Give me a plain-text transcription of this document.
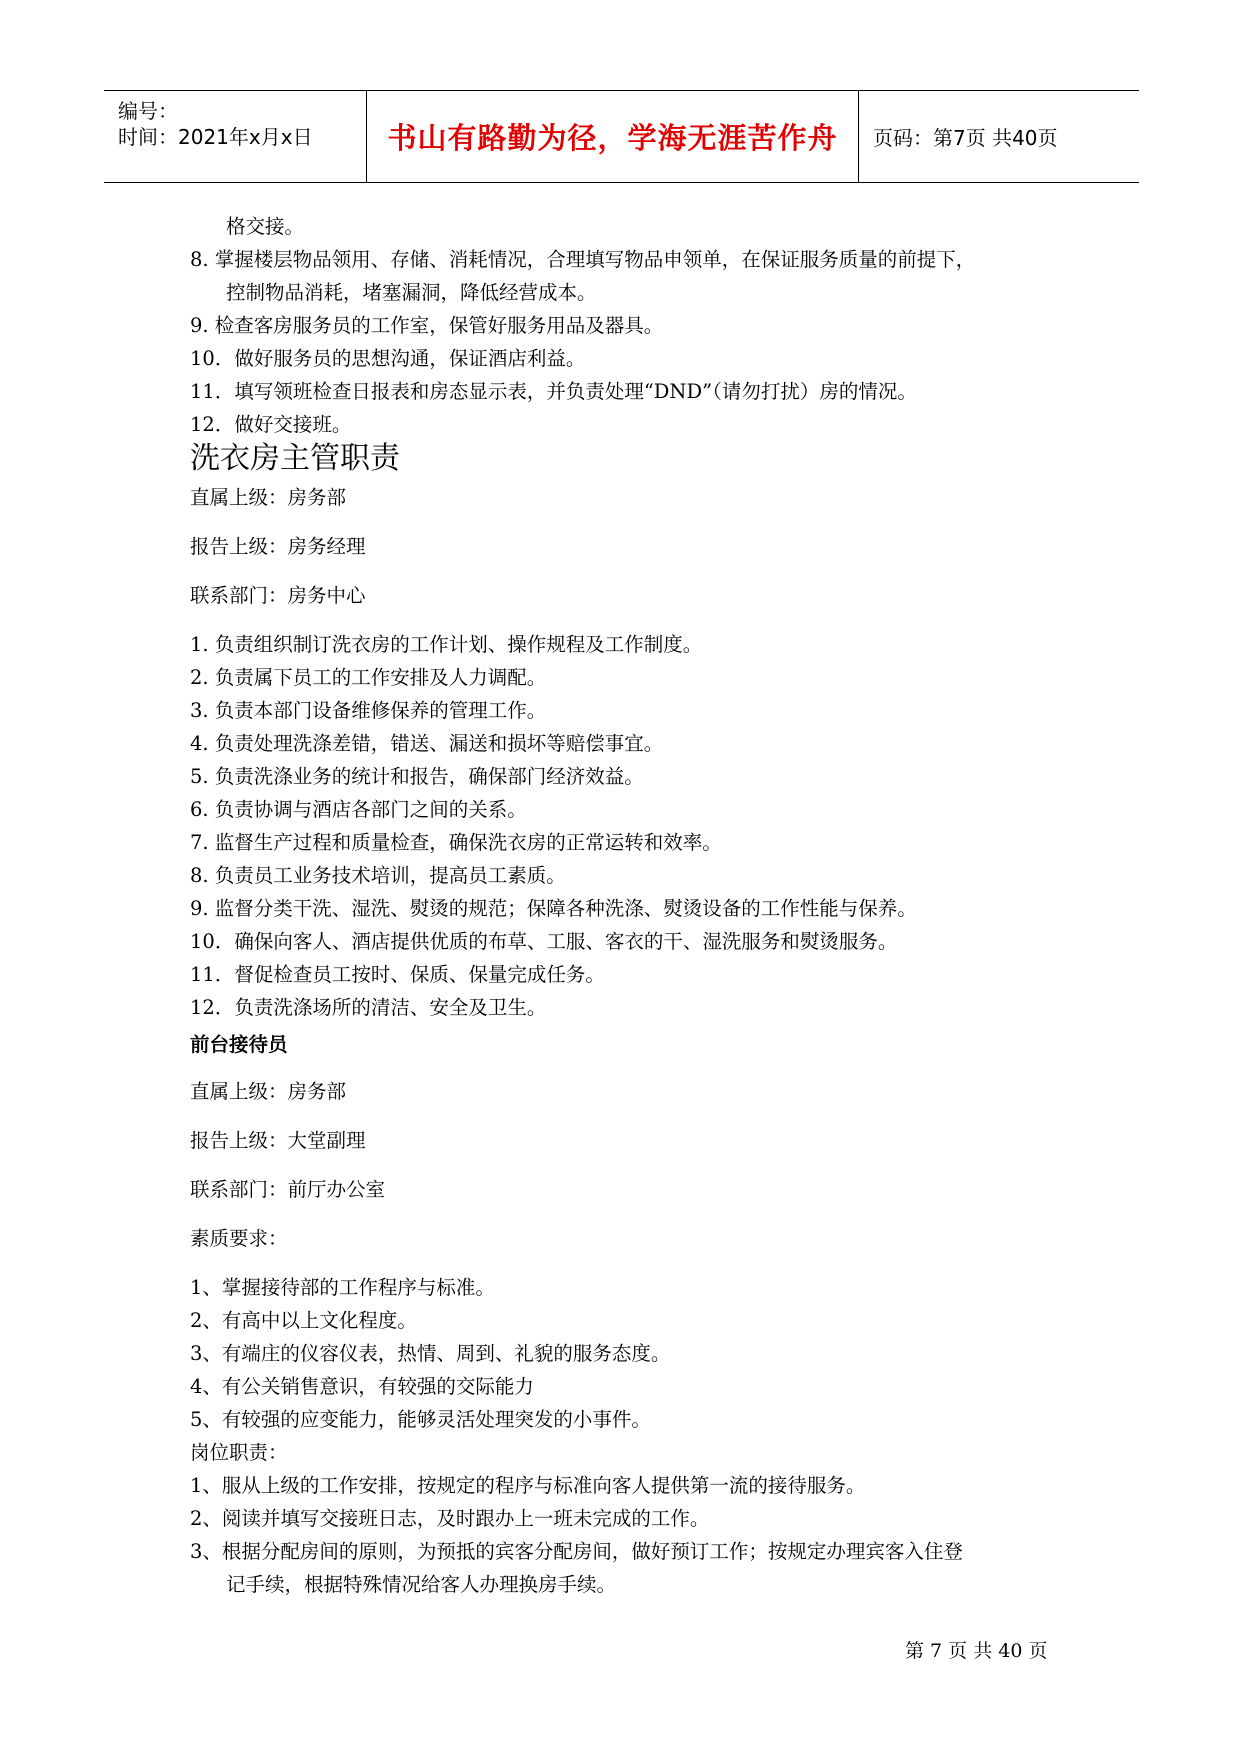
编号：
时间：2021年x月x日	书山有路勤为径，学海无涯苦作舟 页码：第7页 共40页
格交接。
8. 掌握楼层物品领用、存储、消耗情况，合理填写物品申领单，在保证服务质量的前提下，
控制物品消耗，堵塞漏洞，降低经营成本。
9. 检查客房服务员的工作室，保管好服务用品及器具。
10．做好服务员的思想沟通，保证酒店利益。
11．填写领班检查日报表和房态显示表，并负责处理“DND”（请勿打扰）房的情况。
12．做好交接班。
洗衣房主管职责
直属上级：房务部
报告上级：房务经理
联系部门：房务中心
1. 负责组织制订洗衣房的工作计划、操作规程及工作制度。
2. 负责属下员工的工作安排及人力调配。
3. 负责本部门设备维修保养的管理工作。
4. 负责处理洗涤差错，错送、漏送和损坏等赔偿事宜。
5. 负责洗涤业务的统计和报告，确保部门经济效益。
6. 负责协调与酒店各部门之间的关系。
7. 监督生产过程和质量检查，确保洗衣房的正常运转和效率。
8. 负责员工业务技术培训，提高员工素质。
9. 监督分类干洗、湿洗、熨烫的规范；保障各种洗涤、熨烫设备的工作性能与保养。
10．确保向客人、酒店提供优质的布草、工服、客衣的干、湿洗服务和熨烫服务。
11．督促检查员工按时、保质、保量完成任务。
12．负责洗涤场所的清洁、安全及卫生。
前台接待员
直属上级：房务部
报告上级：大堂副理
联系部门：前厅办公室
素质要求：
1、掌握接待部的工作程序与标准。
2、有高中以上文化程度。
3、有端庄的仪容仪表，热情、周到、礼貌的服务态度。
4、有公关销售意识，有较强的交际能力
5、有较强的应变能力，能够灵活处理突发的小事件。
岗位职责：
1、服从上级的工作安排，按规定的程序与标准向客人提供第一流的接待服务。
2、阅读并填写交接班日志，及时跟办上一班未完成的工作。
3、根据分配房间的原则，为预抵的宾客分配房间，做好预订工作；按规定办理宾客入住登
记手续，根据特殊情况给客人办理换房手续。
第 7 页 共 40 页
